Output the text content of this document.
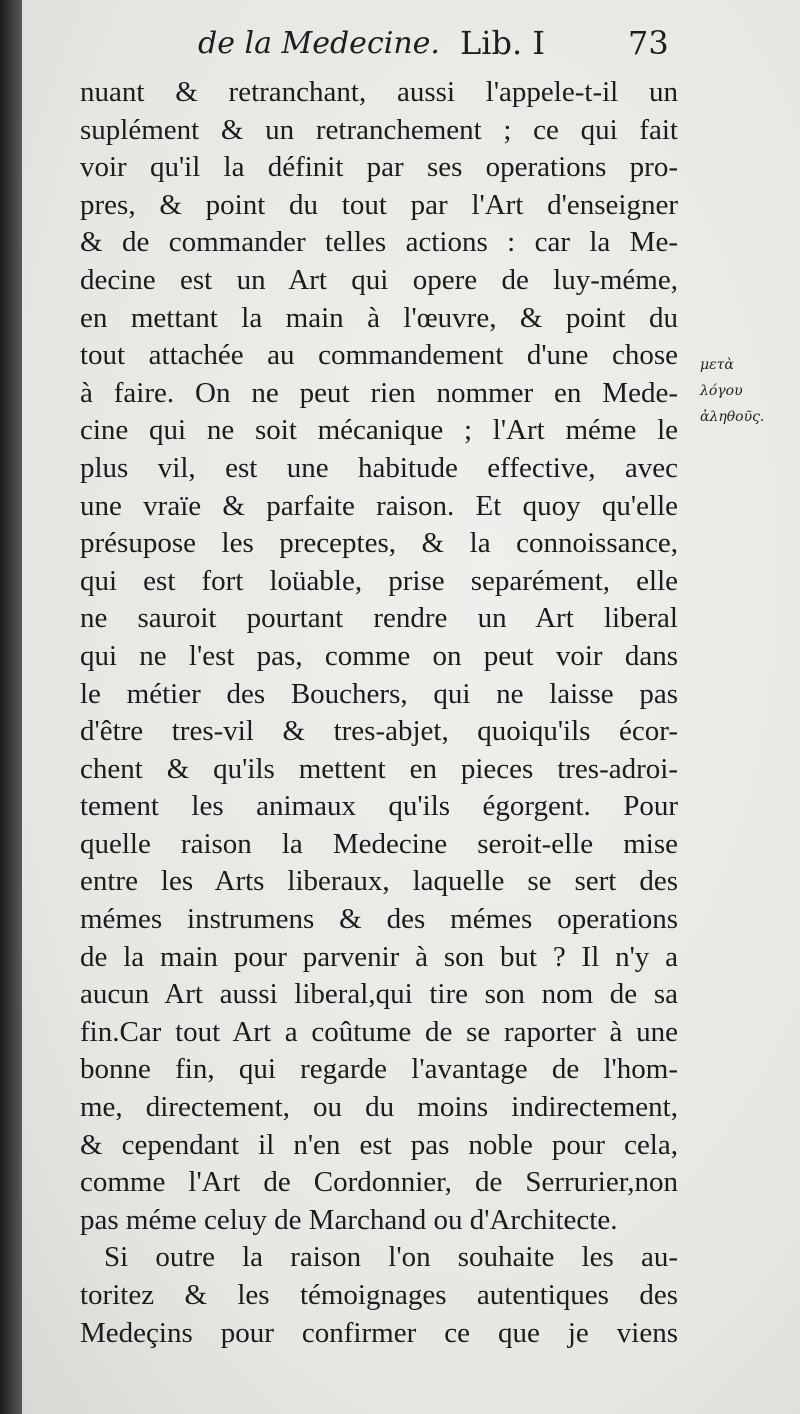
de la Medecine. Lib. I	73
nuant & retranchant, aussi l'appele-t-il un
suplément & un retranchement ; ce qui fait
voir qu'il la définit par ses operations pro-
pres, & point du tout par l'Art d'enseigner
& de commander telles actions : car la Me-
decine est un Art qui opere de luy-méme,
en mettant la main à l'œuvre, & point du
tout attachée au commandement d'une chose
à faire. On ne peut rien nommer en Mede-
cine qui ne soit mécanique ; l'Art méme le
plus vil, est une habitude effective, avec
une vraïe & parfaite raison. Et quoy qu'elle
présupose les preceptes, & la connoissance,
qui est fort loüable, prise separément, elle
ne sauroit pourtant rendre un Art liberal
qui ne l'est pas, comme on peut voir dans
le métier des Bouchers, qui ne laisse pas
d'être tres-vil & tres-abjet, quoiqu'ils écor-
chent & qu'ils mettent en pieces tres-adroi-
tement les animaux qu'ils égorgent. Pour
quelle raison la Medecine seroit-elle mise
entre les Arts liberaux, laquelle se sert des
mémes instrumens & des mémes operations
de la main pour parvenir à son but ? Il n'y a
aucun Art aussi liberal,qui tire son nom de sa
fin.Car tout Art a coûtume de se raporter à une
bonne fin, qui regarde l'avantage de l'hom-
me, directement, ou du moins indirectement,
& cependant il n'en est pas noble pour cela,
comme l'Art de Cordonnier, de Serrurier,non
pas méme celuy de Marchand ou d'Architecte.
Si outre la raison l'on souhaite les au-
toritez & les témoignages autentiques des
Medeçins pour confirmer ce que je viens
μετὰ
λόγου
ἀληθοῦς.
